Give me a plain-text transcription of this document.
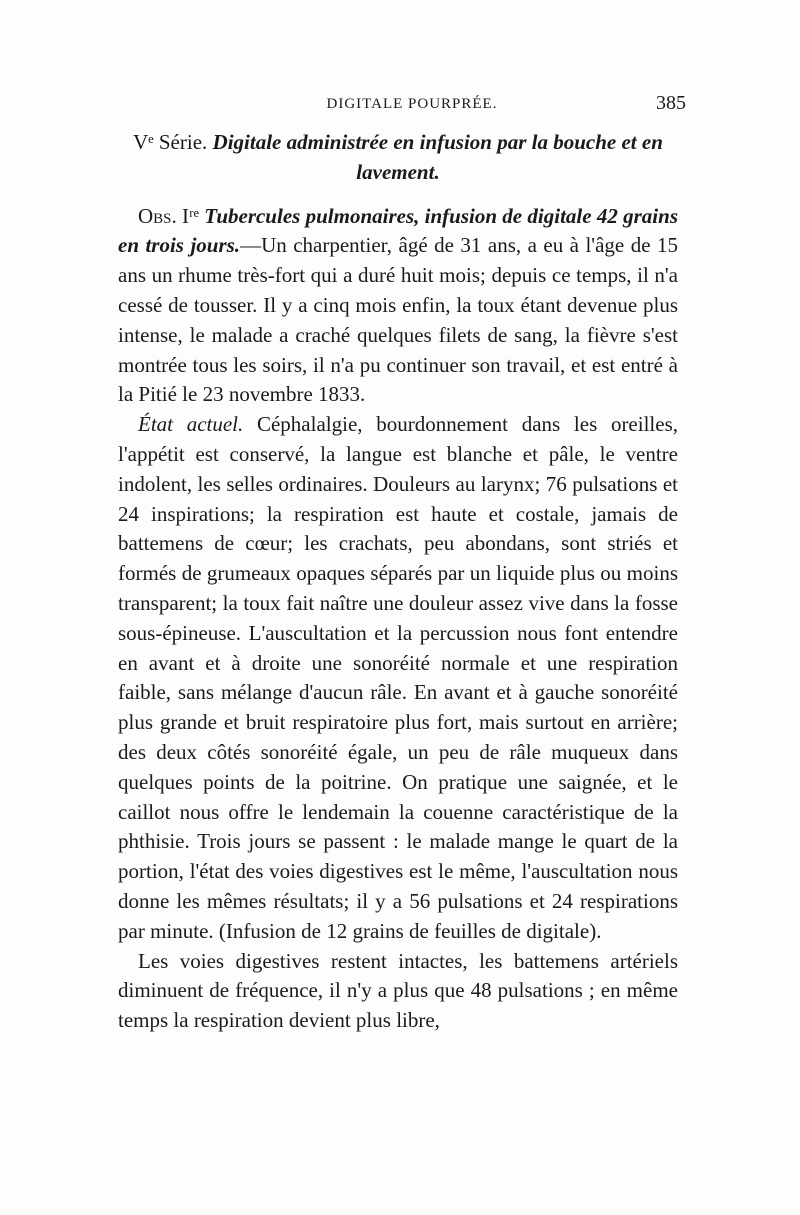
DIGITALE POURPRÉE.	385
Vᵉ Série. Digitale administrée en infusion par la bouche et en lavement.

Obs. Iʳᵉ Tubercules pulmonaires, infusion de digitale 42 grains en trois jours.—Un charpentier, âgé de 31 ans, a eu à l'âge de 15 ans un rhume très-fort qui a duré huit mois; depuis ce temps, il n'a cessé de tousser. Il y a cinq mois enfin, la toux étant devenue plus intense, le malade a craché quelques filets de sang, la fièvre s'est montrée tous les soirs, il n'a pu continuer son travail, et est entré à la Pitié le 23 novembre 1833.

État actuel. Céphalalgie, bourdonnement dans les oreilles, l'appétit est conservé, la langue est blanche et pâle, le ventre indolent, les selles ordinaires. Douleurs au larynx; 76 pulsations et 24 inspirations; la respiration est haute et costale, jamais de battemens de cœur; les crachats, peu abondans, sont striés et formés de grumeaux opaques séparés par un liquide plus ou moins transparent; la toux fait naître une douleur assez vive dans la fosse sous-épineuse. L'auscultation et la percussion nous font entendre en avant et à droite une sonoréité normale et une respiration faible, sans mélange d'aucun râle. En avant et à gauche sonoréité plus grande et bruit respiratoire plus fort, mais surtout en arrière; des deux côtés sonoréité égale, un peu de râle muqueux dans quelques points de la poitrine. On pratique une saignée, et le caillot nous offre le lendemain la couenne caractéristique de la phthisie. Trois jours se passent : le malade mange le quart de la portion, l'état des voies digestives est le même, l'auscultation nous donne les mêmes résultats; il y a 56 pulsations et 24 respirations par minute. (Infusion de 12 grains de feuilles de digitale).

Les voies digestives restent intactes, les battemens artériels diminuent de fréquence, il n'y a plus que 48 pulsations ; en même temps la respiration devient plus libre,
